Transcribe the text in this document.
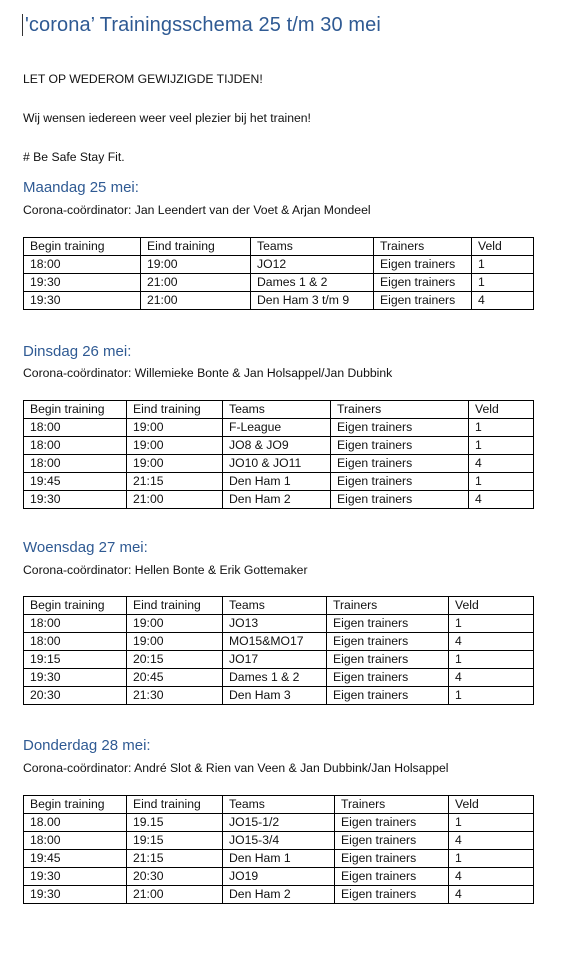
'corona’ Trainingsschema 25 t/m 30 mei
LET OP WEDEROM GEWIJZIGDE TIJDEN!
Wij wensen iedereen weer veel plezier bij het trainen!
# Be Safe Stay Fit.
Maandag 25 mei:
Corona-coördinator: Jan Leendert van der Voet & Arjan Mondeel
Begin training	Eind training	Teams	Trainers	Veld
18:00	19:00	JO12	Eigen trainers	1
19:30	21:00	Dames 1 & 2	Eigen trainers	1
19:30	21:00	Den Ham 3 t/m 9	Eigen trainers	4
Dinsdag 26 mei:
Corona-coördinator: Willemieke Bonte & Jan Holsappel/Jan Dubbink
Begin training	Eind training	Teams	Trainers	Veld
18:00	19:00	F-League	Eigen trainers	1
18:00	19:00	JO8 & JO9	Eigen trainers	1
18:00	19:00	JO10 & JO11	Eigen trainers	4
19:45	21:15	Den Ham 1	Eigen trainers	1
19:30	21:00	Den Ham 2	Eigen trainers	4
Woensdag 27 mei:
Corona-coördinator: Hellen Bonte & Erik Gottemaker
Begin training	Eind training	Teams	Trainers	Veld
18:00	19:00	JO13	Eigen trainers	1
18:00	19:00	MO15&MO17	Eigen trainers	4
19:15	20:15	JO17	Eigen trainers	1
19:30	20:45	Dames 1 & 2	Eigen trainers	4
20:30	21:30	Den Ham 3	Eigen trainers	1
Donderdag 28 mei:
Corona-coördinator: André Slot & Rien van Veen & Jan Dubbink/Jan Holsappel
Begin training	Eind training	Teams	Trainers	Veld
18.00	19.15	JO15-1/2	Eigen trainers	1
18:00	19:15	JO15-3/4	Eigen trainers	4
19:45	21:15	Den Ham 1	Eigen trainers	1
19:30	20:30	JO19	Eigen trainers	4
19:30	21:00	Den Ham 2	Eigen trainers	4
